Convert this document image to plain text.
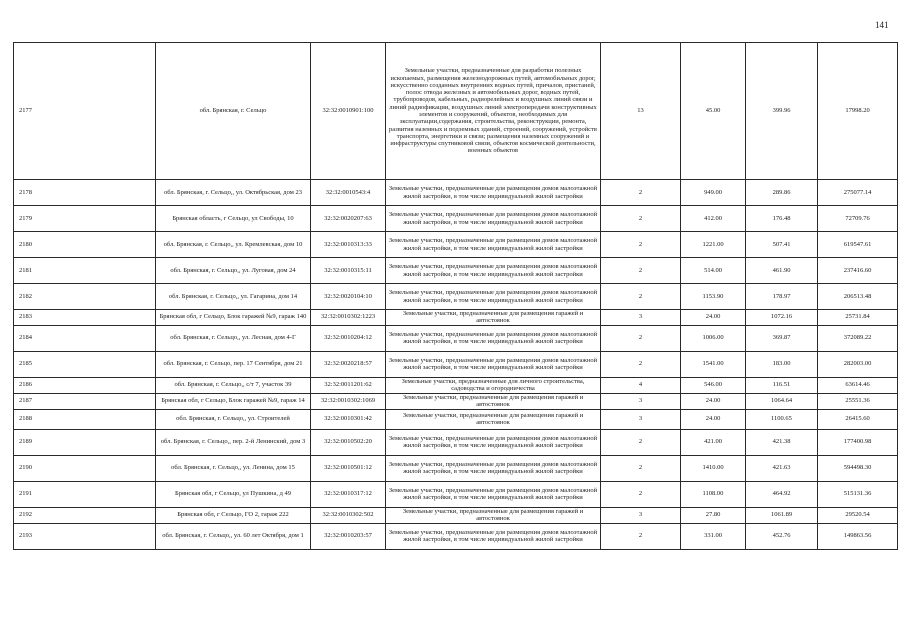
141
2177	обл. Брянская, г. Сельцо	32:32:0010901:100	Земельные участки, предназначенные для разработки полезных ископаемых, размещения железнодорожных путей, автомобильных дорог, искусственно созданных внутренних водных путей, причалов, пристаней, полос отвода железных и автомобильных дорог, водных путей, трубопроводов, кабельных, радиорелейных и воздушных линий связи и линий радиофикации, воздушных линий электропередачи конструктивных элементов и сооружений, объектов, необходимых для эксплуатации,содержания, строительства, реконструкции, ремонта, развития наземных и подземных зданий, строений, сооружений, устройств транспорта, энергетики и связи; размещения наземных сооружений и инфраструктуры спутниковой связи, объектов космической деятельности, военных объектов	13	45.00	399.96	17998.20
2178	обл. Брянская, г. Сельцо,, ул. Октябрьская, дом 23	32:32:0010543:4	Земельные участки, предназначенные для размещения домов малоэтажной жилой застройки, в том числе индивидуальной жилой застройки	2	949.00	289.86	275077.14
2179	Брянская область, г Сельцо, ул Свободы, 10	32:32:0020207:63	Земельные участки, предназначенные для размещения домов малоэтажной жилой застройки, в том числе индивидуальной жилой застройки	2	412.00	176.48	72709.76
2180	обл. Брянская, г. Сельцо,, ул. Кремлевская, дом 10	32:32:0010313:33	Земельные участки, предназначенные для размещения домов малоэтажной жилой застройки, в том числе индивидуальной жилой застройки	2	1221.00	507.41	619547.61
2181	обл. Брянская, г. Сельцо,, ул. Луговая, дом 24	32:32:0010315:11	Земельные участки, предназначенные для размещения домов малоэтажной жилой застройки, в том числе индивидуальной жилой застройки	2	514.00	461.90	237416.60
2182	обл. Брянская, г. Сельцо,, ул. Гагарина, дом 14	32:32:0020104:10	Земельные участки, предназначенные для размещения домов малоэтажной жилой застройки, в том числе индивидуальной жилой застройки	2	1153.90	178.97	206513.48
2183	Брянская обл, г Сельцо, Блок гаражей №9, гараж 140	32:32:0010302:1223	Земельные участки, предназначенные для размещения гаражей и автостоянок	3	24.00	1072.16	25731.84
2184	обл. Брянская, г. Сельцо,, ул. Лесная, дом 4-Г	32:32:0010204:12	Земельные участки, предназначенные для размещения домов малоэтажной жилой застройки, в том числе индивидуальной жилой застройки	2	1006.00	369.87	372089.22
2185	обл. Брянская, г. Сельцо, пер. 17 Сентября, дом 21	32:32:0020218:57	Земельные участки, предназначенные для размещения домов малоэтажной жилой застройки, в том числе индивидуальной жилой застройки	2	1541.00	183.00	282003.00
2186	обл. Брянская, г. Сельцо,, с/т 7, участок 39	32:32:0011201:62	Земельные участки, предназначенные для личного строительства, садоводства и огородничества	4	546.00	116.51	63614.46
2187	Брянская обл, г Сельцо, Блок гаражей №9, гараж 14	32:32:0010302:1069	Земельные участки, предназначенные для размещения гаражей и автостоянок	3	24.00	1064.64	25551.36
2188	обл. Брянская, г. Сельцо,, ул. Строителей	32:32:0010301:42	Земельные участки, предназначенные для размещения гаражей и автостоянок	3	24.00	1100.65	26415.60
2189	обл. Брянская, г. Сельцо,, пер. 2-й Ленинский, дом 3	32:32:0010502:20	Земельные участки, предназначенные для размещения домов малоэтажной жилой застройки, в том числе индивидуальной жилой застройки	2	421.00	421.38	177400.98
2190	обл. Брянская, г. Сельцо,, ул. Ленина, дом 15	32:32:0010501:12	Земельные участки, предназначенные для размещения домов малоэтажной жилой застройки, в том числе индивидуальной жилой застройки	2	1410.00	421.63	594498.30
2191	Брянская обл, г Сельцо, ул Пушкина, д 49	32:32:0010317:12	Земельные участки, предназначенные для размещения домов малоэтажной жилой застройки, в том числе индивидуальной жилой застройки	2	1108.00	464.92	515131.36
2192	Брянская обл, г Сельцо, ГО 2, гараж 222	32:32:0010302:502	Земельные участки, предназначенные для размещения гаражей и автостоянок	3	27.80	1061.89	29520.54
2193	обл. Брянская, г. Сельцо,, ул. 60 лет Октября, дом 1	32:32:0010203:57	Земельные участки, предназначенные для размещения домов малоэтажной жилой застройки, в том числе индивидуальной жилой застройки	2	331.00	452.76	149863.56
